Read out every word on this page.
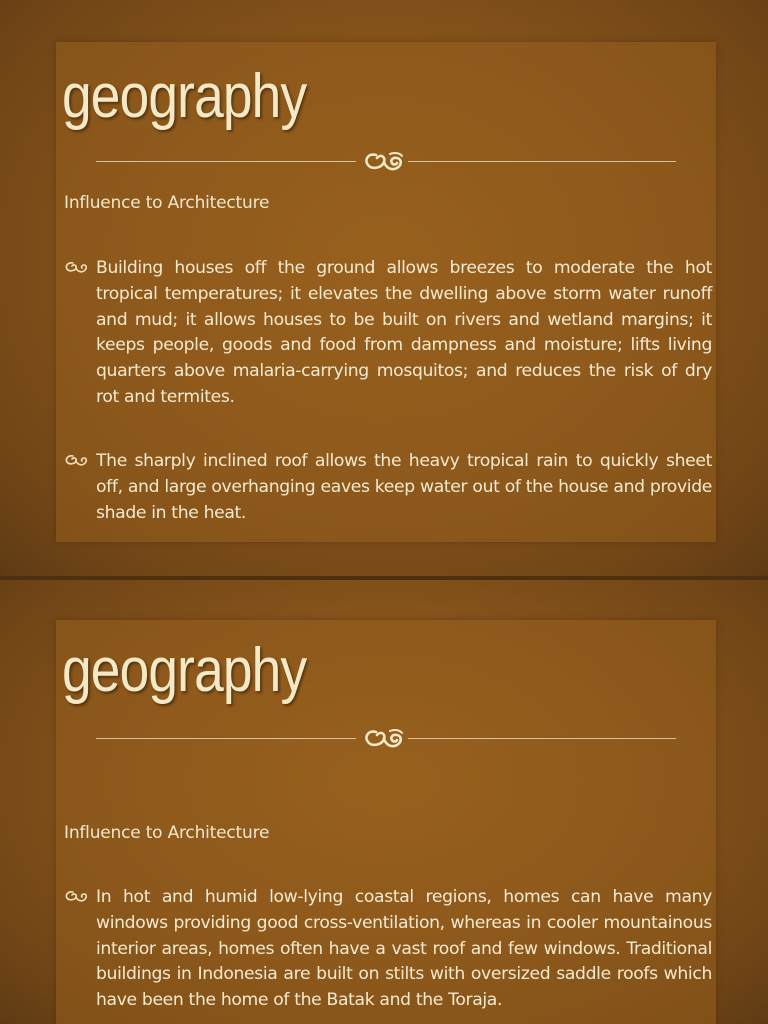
geography

Influence to Architecture

Building houses off the ground allows breezes to moderate the hot tropical temperatures; it elevates the dwelling above storm water runoff and mud; it allows houses to be built on rivers and wetland margins; it keeps people, goods and food from dampness and moisture; lifts living quarters above malaria-carrying mosquitos; and reduces the risk of dry rot and termites.

The sharply inclined roof allows the heavy tropical rain to quickly sheet off, and large overhanging eaves keep water out of the house and provide shade in the heat.

geography

Influence to Architecture

In hot and humid low-lying coastal regions, homes can have many windows providing good cross-ventilation, whereas in cooler mountainous interior areas, homes often have a vast roof and few windows. Traditional buildings in Indonesia are built on stilts with oversized saddle roofs which have been the home of the Batak and the Toraja.
